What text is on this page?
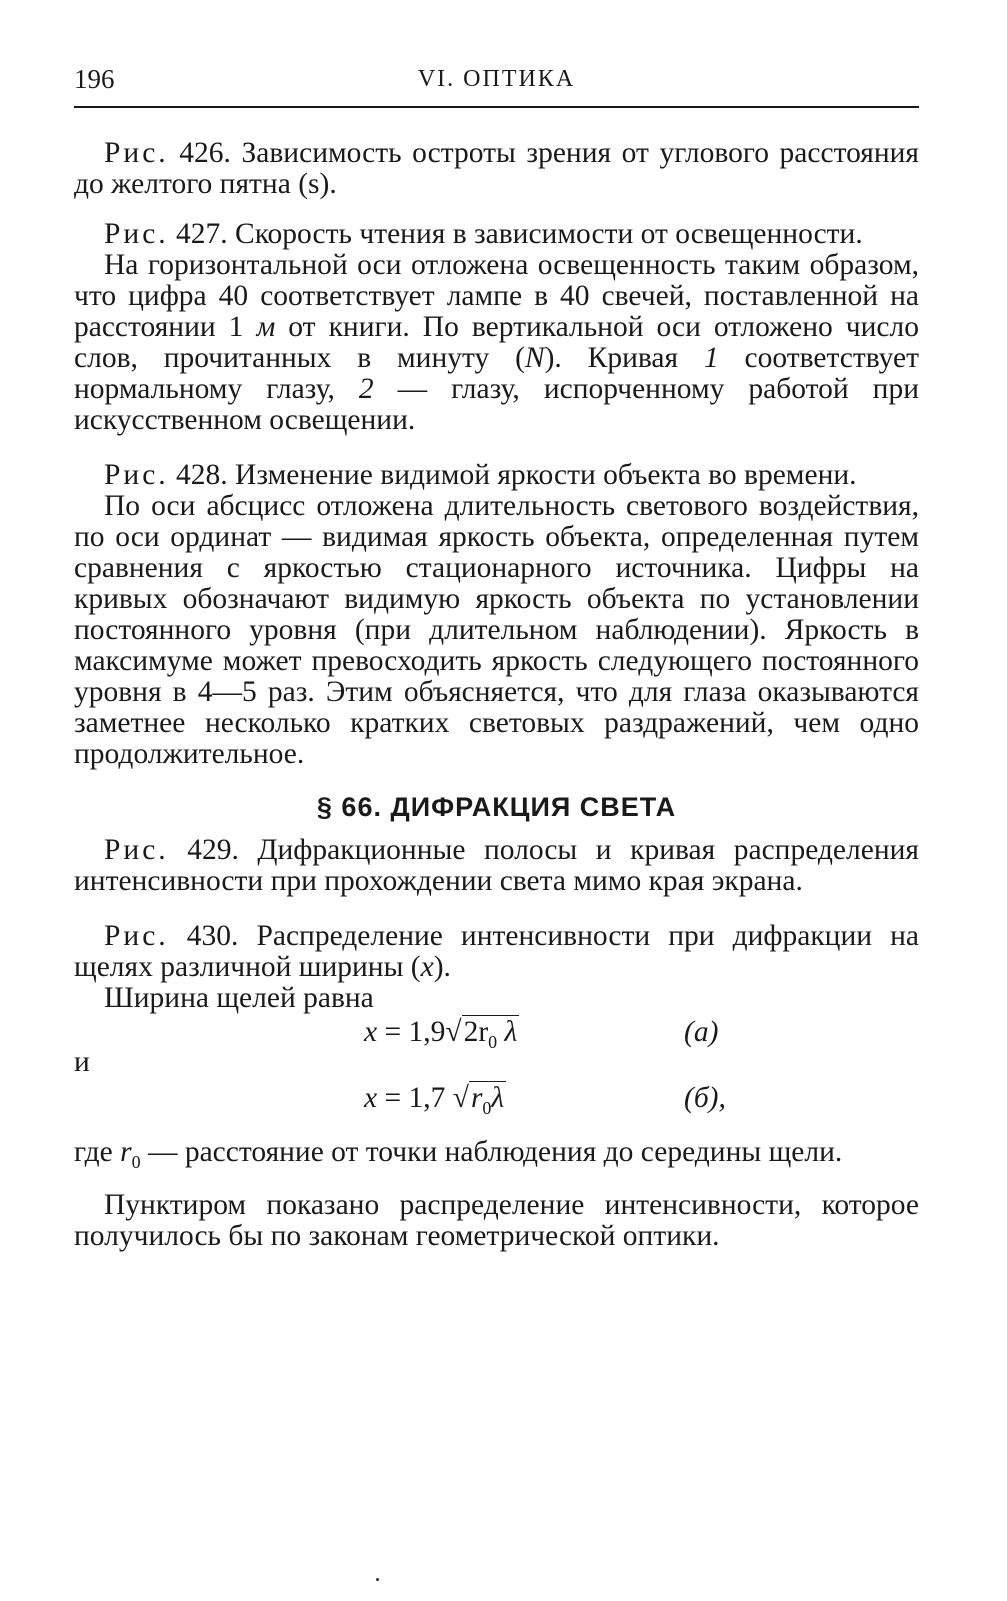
196	VI. ОПТИКА

Рис. 426. Зависимость остроты зрения от углового расстояния до желтого пятна (s).

Рис. 427. Скорость чтения в зависимости от освещенности.

На горизонтальной оси отложена освещенность таким образом, что цифра 40 соответствует лампе в 40 свечей, поставленной на расстоянии 1 м от книги. По вертикальной оси отложено число слов, прочитанных в минуту (N). Кривая 1 соответствует нормальному глазу, 2 — глазу, испорченному работой при искусственном освещении.

Рис. 428. Изменение видимой яркости объекта во времени.

По оси абсцисс отложена длительность светового воздействия, по оси ординат — видимая яркость объекта, определенная путем сравнения с яркостью стационарного источника. Цифры на кривых обозначают видимую яркость объекта по установлении постоянного уровня (при длительном наблюдении). Яркость в максимуме может превосходить яркость следующего постоянного уровня в 4—5 раз. Этим объясняется, что для глаза оказываются заметнее несколько кратких световых раздражений, чем одно продолжительное.

§ 66. ДИФРАКЦИЯ СВЕТА

Рис. 429. Дифракционные полосы и кривая распределения интенсивности при прохождении света мимо края экрана.

Рис. 430. Распределение интенсивности при дифракции на щелях различной ширины (x).

Ширина щелей равна

$x = 1,9√2r_0$ λ	(a)
и
x = 1,7 $√r_0\lambda$	(б),

где $r_0$ — расстояние от точки наблюдения до середины щели.

Пунктиром показано распределение интенсивности, которое получилось бы по законам геометрической оптики.
